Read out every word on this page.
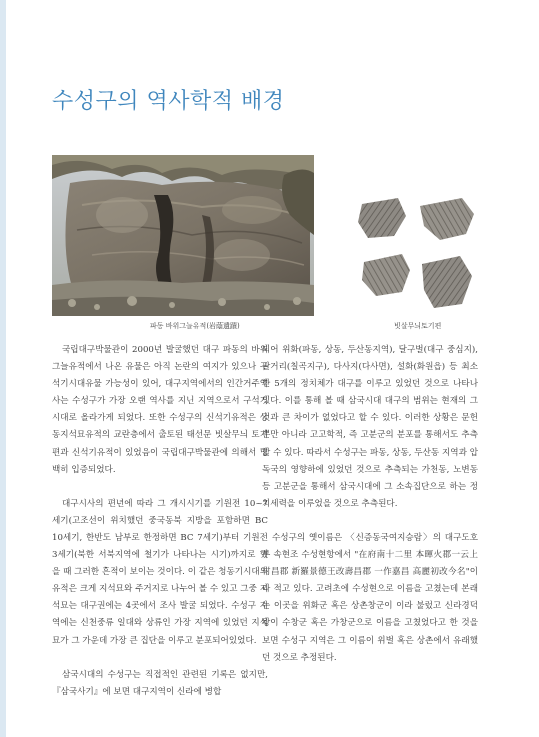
수성구의 역사학적 배경
파동 바위그늘유적(岩蔭遺蹟)	빗살무늬토기편

국립대구박물관이 2000년 발굴했던 대구 파동의 바위그늘유적에서 나온 유물은 아직 논란의 여지가 있으나 구석기시대유물 가능성이 있어, 대구지역에서의 인간거주역사는 수성구가 가장 오랜 역사를 지닌 지역으로서 구석기시대로 올라가게 되었다. 또한 수성구의 신석기유적은 상동지석묘유적의 교란층에서 출토된 태선문 빗살무늬 토기편과 신석기유적이 있었음이 국립대구박물관에 의해서 명백히 입증되었다.

대구시사의 편년에 따라 그 개시시기를 기원전 10~7세기(고조선이 위치했던 중국동북 지방을 포함하면 BC 10세기, 한반도 남부로 한정하면 BC 7세기)부터 기원전 3세기(북한 서북지역에 철기가 나타나는 시기)까지로 했을 때 그러한 흔적이 보이는 것이다. 이 같은 청동기시대의 유적은 크게 지석묘와 주거지로 나누어 볼 수 있고 그중 지석묘는 대구권에는 4곳에서 조사 발굴 되었다. 수성구 지역에는 신천중류 일대와 상류인 가장 지역에 있었던 지석묘가 그 가운데 가장 큰 집단을 이루고 분포되어있었다.

삼국시대의 수성구는 직접적인 관련된 기록은 없지만, 『삼국사기』에 보면 대구지역이 신라에 병합

되어 위화(파동, 상동, 두산동지역), 달구벌(대구 중심지), 팔거리(칠곡지구), 다사지(다사면), 설화(화원읍) 등 최소한 5개의 정치체가 대구를 이루고 있었던 것으로 나타나 있다. 이를 통해 볼 때 삼국시대 대구의 범위는 현재의 그것과 큰 차이가 없었다고 할 수 있다. 이러한 상황은 문헌뿐만 아니라 고고학적, 즉 고분군의 분포를 통해서도 추측할 수 있다. 따라서 수성구는 파동, 상동, 두산동 지역과 압독국의 영향하에 있었던 것으로 추측되는 가천동, 노변동 등 고분군을 통해서 삼국시대에 그 소속집단으로 하는 정치세력을 이루었을 것으로 추측된다.

수성구의 옛이름은 〈신증동국여지승람〉의 대구도호부 속현조 수성현항에서 "在府南十二里 本暉火郡一云上村昌郡 新羅景德王改壽昌郡 一作嘉昌 高麗初改今名"이라 적고 있다. 고려초에 수성현으로 이름을 고쳤는데 본래는 이곳을 위화군 혹은 상촌창군이 이라 불렀고 신라경덕왕이 수창군 혹은 가창군으로 이름을 고쳤었다고 한 것을 보면 수성구 지역은 그 이름이 위벌 혹은 상촌에서 유래했던 것으로 추정된다.
